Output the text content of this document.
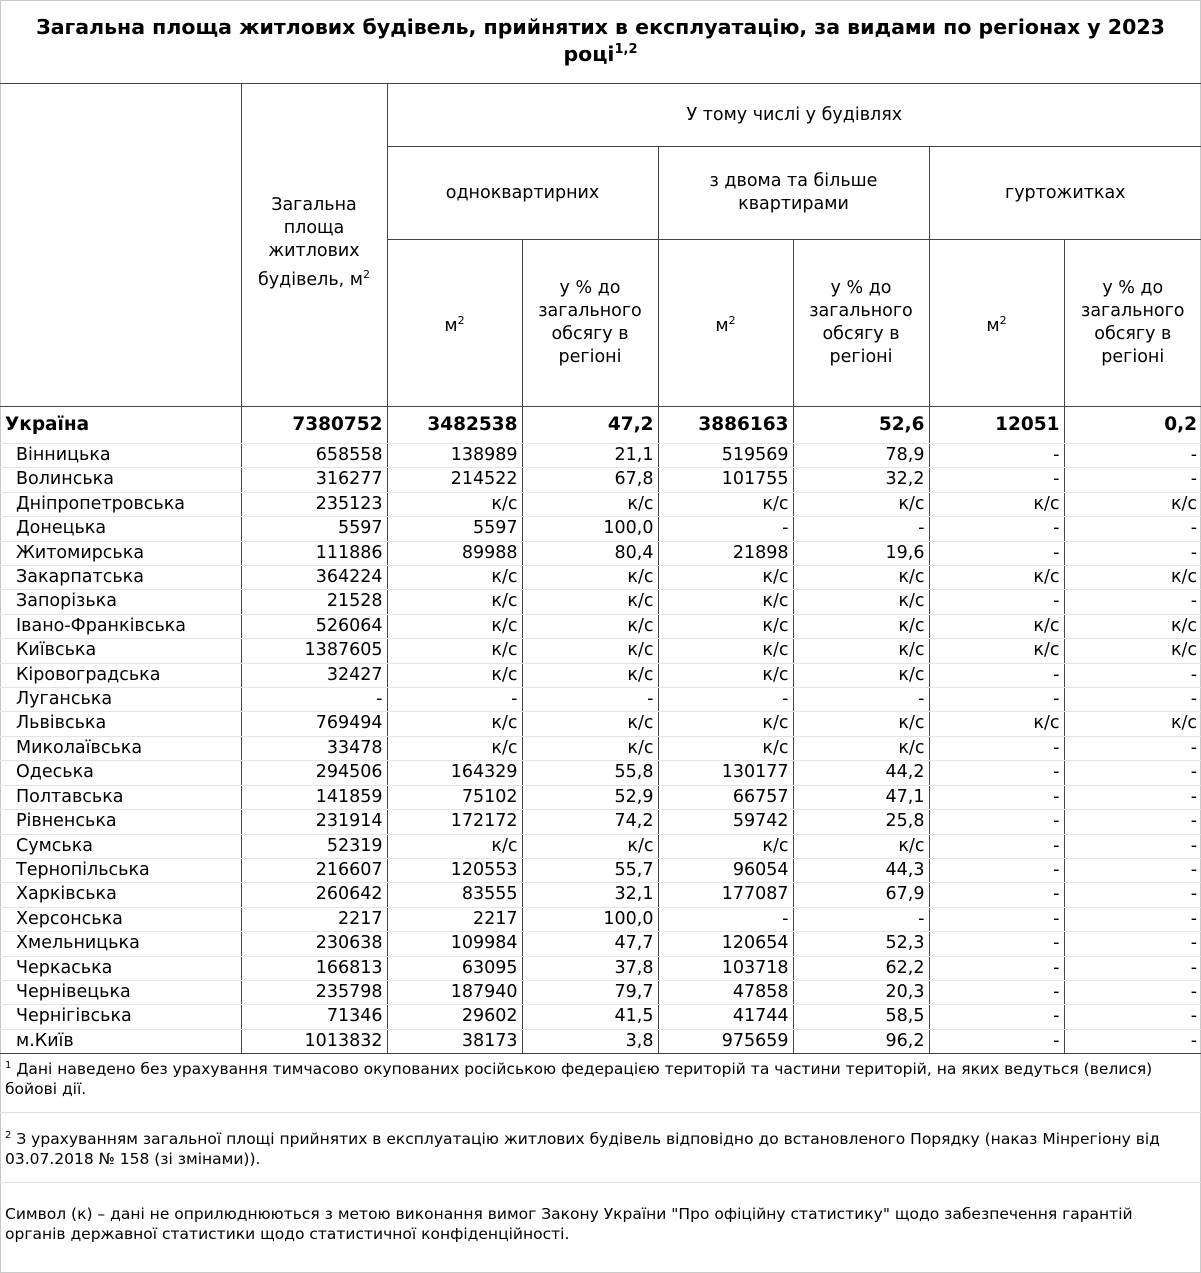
Загальна площа житлових будівель, прийнятих в експлуатацію, за видами по регіонах у 2023 році$^{1,2}$
	Загальна площа житлових будівель, $м^2$	У тому числі у будівлях					
		одноквартирних		з двома та більше квартирами		гуртожитках	
		$м^2$	у % до загального обсягу в регіоні	$м^2$	у % до загального обсягу в регіоні	$м^2$	у % до загального обсягу в регіоні
Україна	7380752	3482538	47,2	3886163	52,6	12051	0,2
Вінницька	658558	138989	21,1	519569	78,9	-	-
Волинська	316277	214522	67,8	101755	32,2	-	-
Дніпропетровська	235123	к/с	к/с	к/с	к/с	к/с	к/с
Донецька	5597	5597	100,0	-	-	-	-
Житомирська	111886	89988	80,4	21898	19,6	-	-
Закарпатська	364224	к/с	к/с	к/с	к/с	к/с	к/с
Запорізька	21528	к/с	к/с	к/с	к/с	-	-
Івано-Франківська	526064	к/с	к/с	к/с	к/с	к/с	к/с
Київська	1387605	к/с	к/с	к/с	к/с	к/с	к/с
Кіровоградська	32427	к/с	к/с	к/с	к/с	-	-
Луганська	-	-	-	-	-	-	-
Львівська	769494	к/с	к/с	к/с	к/с	к/с	к/с
Миколаївська	33478	к/с	к/с	к/с	к/с	-	-
Одеська	294506	164329	55,8	130177	44,2	-	-
Полтавська	141859	75102	52,9	66757	47,1	-	-
Рівненська	231914	172172	74,2	59742	25,8	-	-
Сумська	52319	к/с	к/с	к/с	к/с	-	-
Тернопільська	216607	120553	55,7	96054	44,3	-	-
Харківська	260642	83555	32,1	177087	67,9	-	-
Херсонська	2217	2217	100,0	-	-	-	-
Хмельницька	230638	109984	47,7	120654	52,3	-	-
Черкаська	166813	63095	37,8	103718	62,2	-	-
Чернівецька	235798	187940	79,7	47858	20,3	-	-
Чернігівська	71346	29602	41,5	41744	58,5	-	-
м.Київ	1013832	38173	3,8	975659	96,2	-	-
$^1$ Дані наведено без урахування тимчасово окупованих російською федерацією територій та частини територій, на яких ведуться (велися) бойові дії.
$^2$ З урахуванням загальної площі прийнятих в експлуатацію житлових будівель відповідно до встановленого Порядку (наказ Мінрегіону від 03.07.2018 № 158 (зі змінами)).
Символ (к) – дані не оприлюднюються з метою виконання вимог Закону України "Про офіційну статистику" щодо забезпечення гарантій органів державної статистики щодо статистичної конфіденційності.
